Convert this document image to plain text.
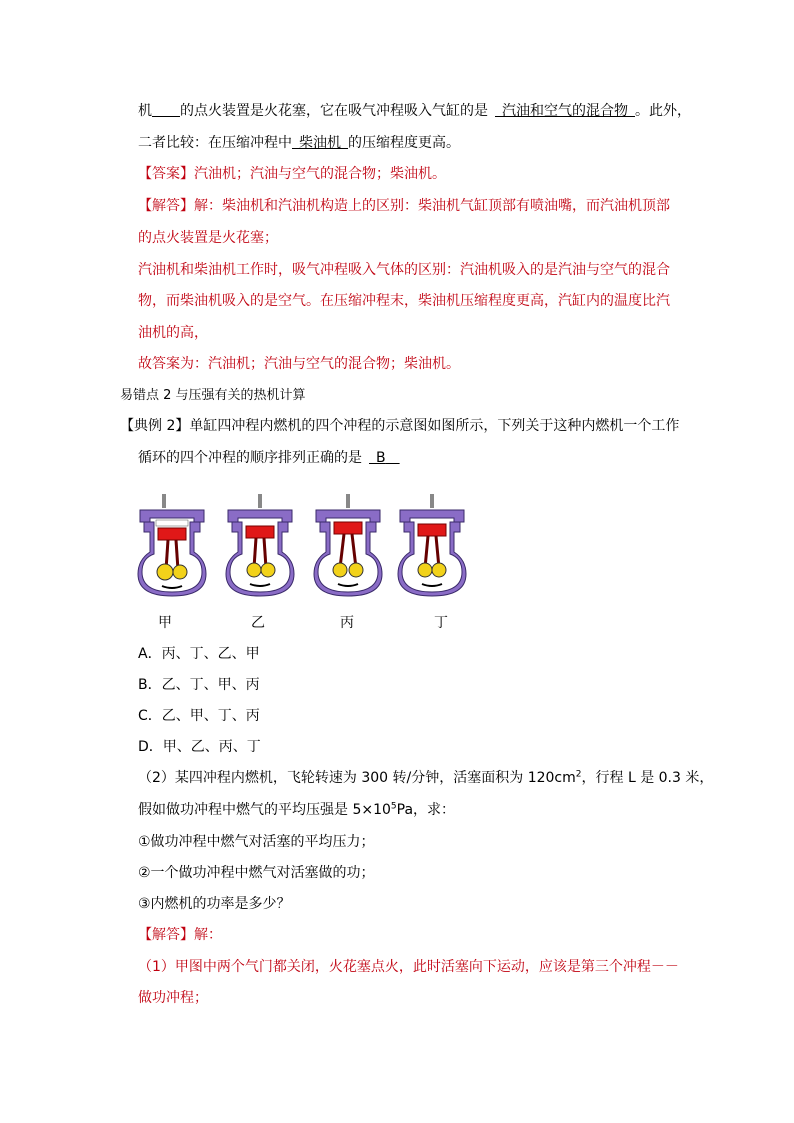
机   的点火装置是火花塞，它在吸气冲程吸入气缸的是   汽油和空气的混合物  。此外，
二者比较：在压缩冲程中  柴油机  的压缩程度更高。
【答案】汽油机；汽油与空气的混合物；柴油机。
【解答】解：柴油机和汽油机构造上的区别：柴油机气缸顶部有喷油嘴，而汽油机顶部
的点火装置是火花塞；
汽油机和柴油机工作时，吸气冲程吸入气体的区别：汽油机吸入的是汽油与空气的混合
物，而柴油机吸入的是空气。在压缩冲程末，柴油机压缩程度更高，汽缸内的温度比汽
油机的高，
故答案为：汽油机；汽油与空气的混合物；柴油机。
易错点 2 与压强有关的热机计算
【典例 2】单缸四冲程内燃机的四个冲程的示意图如图所示，下列关于这种内燃机一个工作
循环的四个冲程的顺序排列正确的是   B 
甲	乙	丙	丁
A．丙、丁、乙、甲
B．乙、丁、甲、丙
C．乙、甲、丁、丙
D．甲、乙、丙、丁
（2）某四冲程内燃机，飞轮转速为 300 转/分钟，活塞面积为 $120cm^2$，行程 L 是 0.3 米，
假如做功冲程中燃气的平均压强是 $5\times 10^5Pa$，求：
①做功冲程中燃气对活塞的平均压力；
②一个做功冲程中燃气对活塞做的功；
③内燃机的功率是多少？
【解答】解：
（1）甲图中两个气门都关闭，火花塞点火，此时活塞向下运动，应该是第三个冲程－－
做功冲程；
